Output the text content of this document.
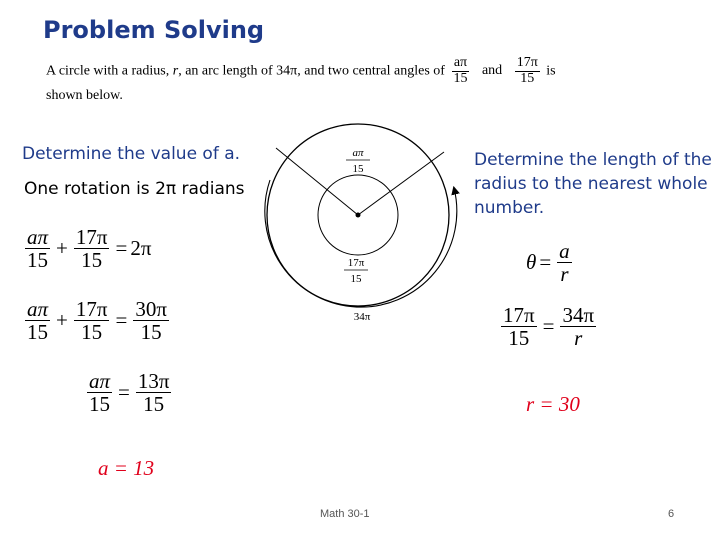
Problem Solving
A circle with a radius, r, an arc length of 34π, and two central angles of $\frac{a\pi}{15}$ and $\frac{17\pi}{15}$ is
shown below.
Determine the value of a.
One rotation is 2π radians
$\frac{a\pi}{15} + \frac{17\pi}{15} = 2\pi$
$\frac{a\pi}{15} + \frac{17\pi}{15} = \frac{30\pi}{15}$
$\frac{a\pi}{15} = \frac{13\pi}{15}$
a = 13
aπ
15
17π
15
34π
Determine the length of the radius to the nearest whole number.
$\theta = \frac{a}{r}$
$\frac{17\pi}{15} = \frac{34\pi}{r}$
r = 30
Math 30-1	6
